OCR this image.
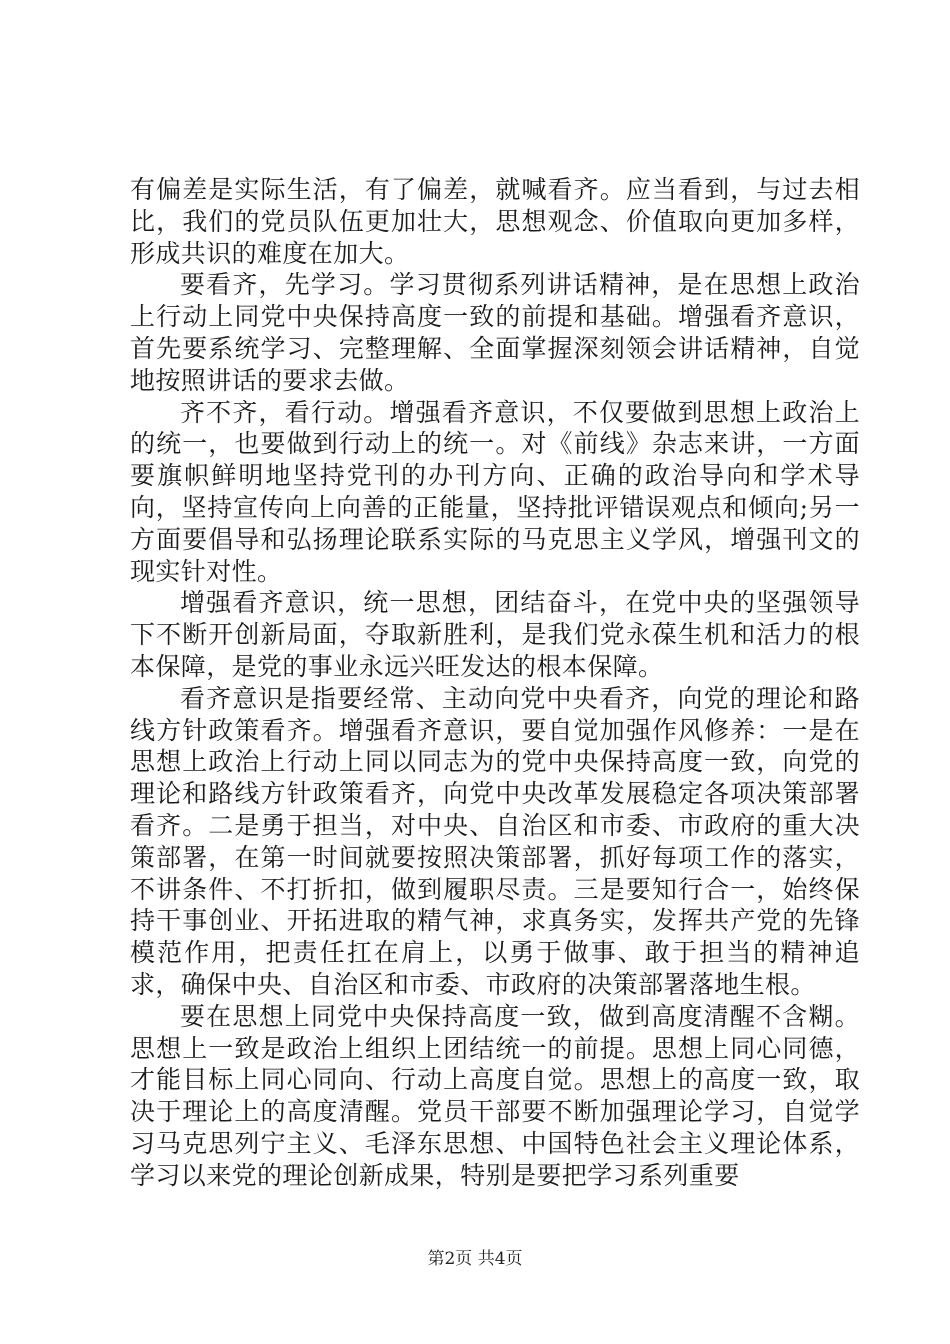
有偏差是实际生活，有了偏差，就喊看齐。应当看到，与过去相比，我们的党员队伍更加壮大，思想观念、价值取向更加多样，形成共识的难度在加大。

要看齐，先学习。学习贯彻系列讲话精神，是在思想上政治上行动上同党中央保持高度一致的前提和基础。增强看齐意识，首先要系统学习、完整理解、全面掌握深刻领会讲话精神，自觉地按照讲话的要求去做。

齐不齐，看行动。增强看齐意识，不仅要做到思想上政治上的统一，也要做到行动上的统一。对《前线》杂志来讲，一方面要旗帜鲜明地坚持党刊的办刊方向、正确的政治导向和学术导向，坚持宣传向上向善的正能量，坚持批评错误观点和倾向;另一方面要倡导和弘扬理论联系实际的马克思主义学风，增强刊文的现实针对性。

增强看齐意识，统一思想，团结奋斗，在党中央的坚强领导下不断开创新局面，夺取新胜利，是我们党永葆生机和活力的根本保障，是党的事业永远兴旺发达的根本保障。

看齐意识是指要经常、主动向党中央看齐，向党的理论和路线方针政策看齐。增强看齐意识，要自觉加强作风修养：一是在思想上政治上行动上同以同志为的党中央保持高度一致，向党的理论和路线方针政策看齐，向党中央改革发展稳定各项决策部署看齐。二是勇于担当，对中央、自治区和市委、市政府的重大决策部署，在第一时间就要按照决策部署，抓好每项工作的落实，不讲条件、不打折扣，做到履职尽责。三是要知行合一，始终保持干事创业、开拓进取的精气神，求真务实，发挥共产党的先锋模范作用，把责任扛在肩上，以勇于做事、敢于担当的精神追求，确保中央、自治区和市委、市政府的决策部署落地生根。

要在思想上同党中央保持高度一致，做到高度清醒不含糊。思想上一致是政治上组织上团结统一的前提。思想上同心同德，才能目标上同心同向、行动上高度自觉。思想上的高度一致，取决于理论上的高度清醒。党员干部要不断加强理论学习，自觉学习马克思列宁主义、毛泽东思想、中国特色社会主义理论体系，学习以来党的理论创新成果，特别是要把学习系列重要

第2页 共4页
